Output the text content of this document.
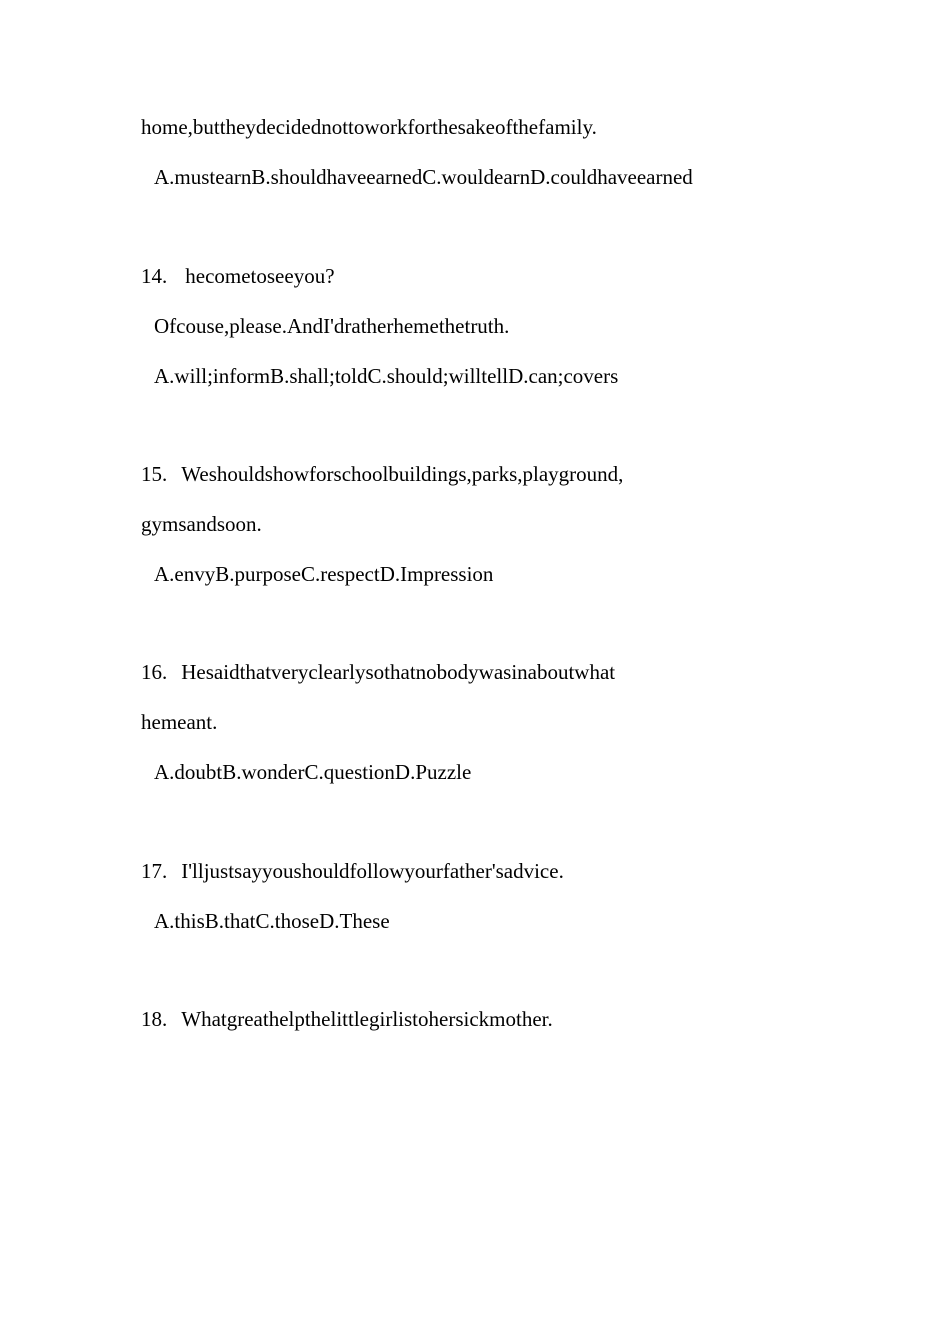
home,buttheydecidednottoworkforthesakeofthefamily.
A.mustearnB.shouldhaveearnedC.wouldearnD.couldhaveearned
14. hecometoseeyou?
Ofcouse,please.AndI'dratherhemethetruth.
A.will;informB.shall;toldC.should;willtellD.can;covers
15. Weshouldshowforschoolbuildings,parks,playground,
gymsandsoon.
A.envyB.purposeC.respectD.Impression
16. Hesaidthatveryclearlysothatnobodywasinaboutwhat
hemeant.
A.doubtB.wonderC.questionD.Puzzle
17. I'lljustsayyoushouldfollowyourfather'sadvice.
A.thisB.thatC.thoseD.These
18. Whatgreathelpthelittlegirlistohersickmother.
